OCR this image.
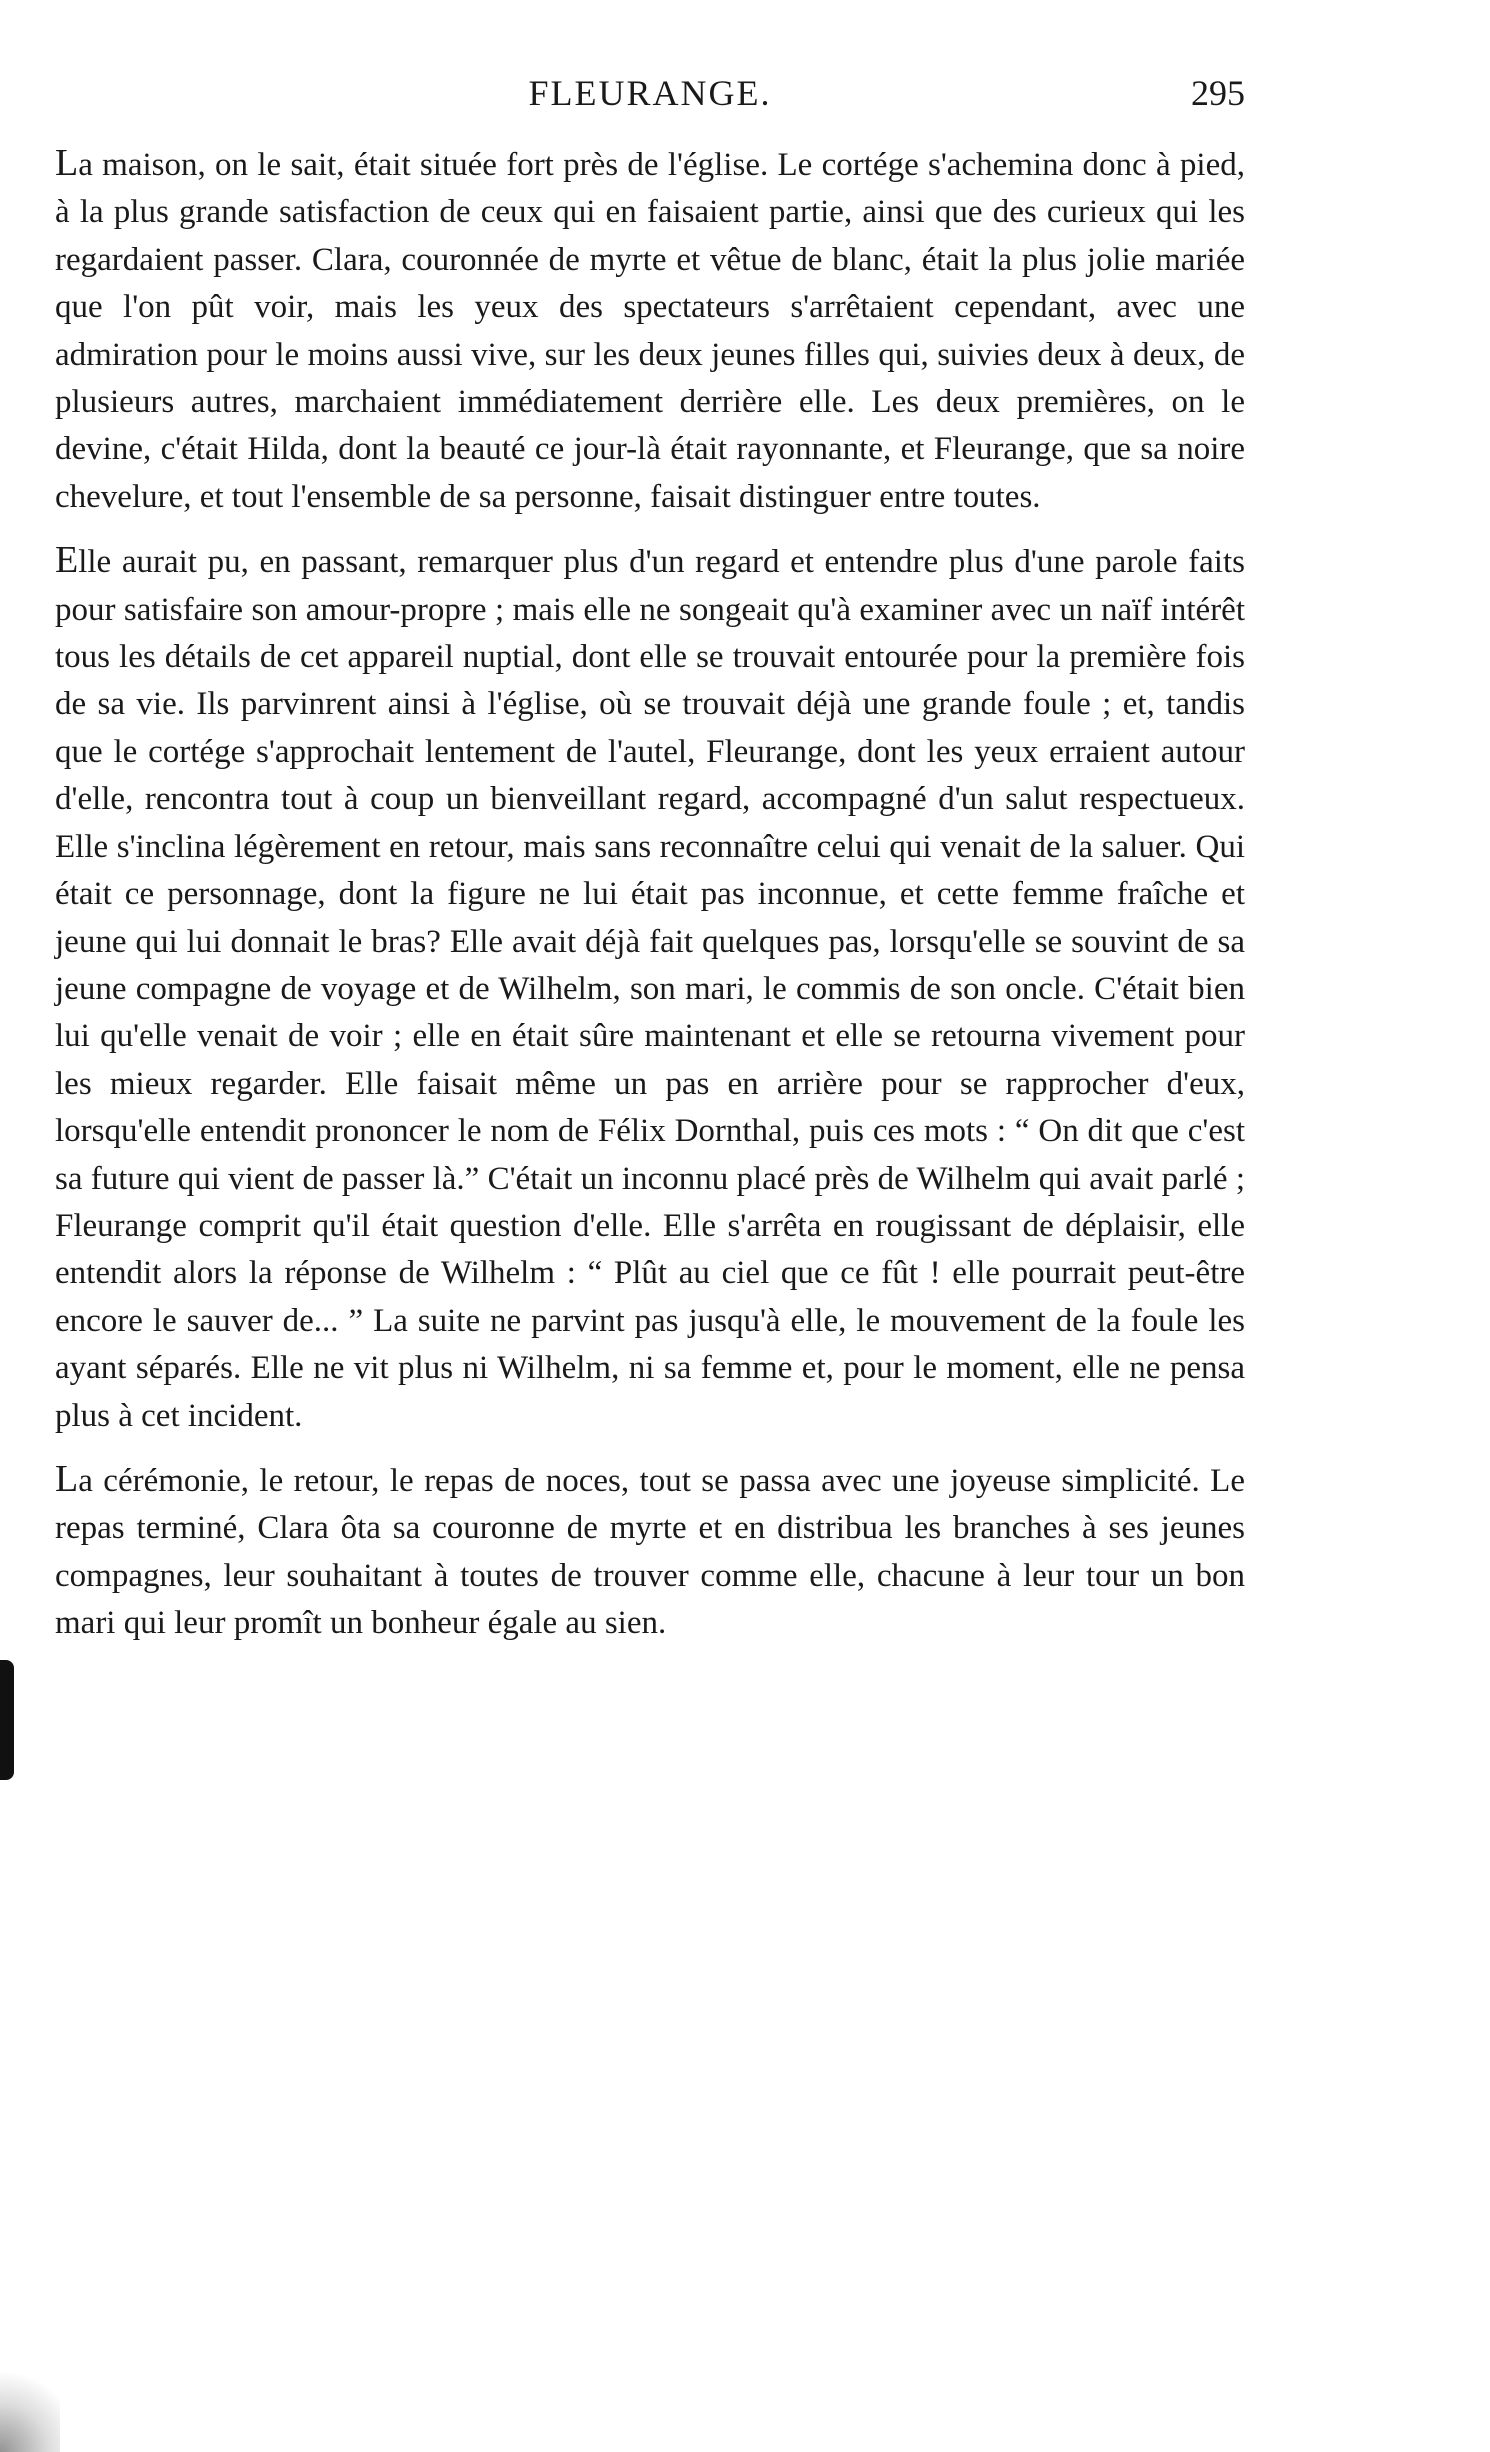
FLEURANGE.	295

La maison, on le sait, était située fort près de l'église. Le cortége s'achemina donc à pied, à la plus grande satisfaction de ceux qui en faisaient partie, ainsi que des curieux qui les regardaient passer. Clara, couronnée de myrte et vêtue de blanc, était la plus jolie mariée que l'on pût voir, mais les yeux des spectateurs s'arrêtaient cependant, avec une admiration pour le moins aussi vive, sur les deux jeunes filles qui, suivies deux à deux, de plusieurs autres, marchaient immédiatement derrière elle. Les deux premières, on le devine, c'était Hilda, dont la beauté ce jour-là était rayonnante, et Fleurange, que sa noire chevelure, et tout l'ensemble de sa personne, faisait distinguer entre toutes.

Elle aurait pu, en passant, remarquer plus d'un regard et entendre plus d'une parole faits pour satisfaire son amour-propre ; mais elle ne songeait qu'à examiner avec un naïf intérêt tous les détails de cet appareil nuptial, dont elle se trouvait entourée pour la première fois de sa vie. Ils parvinrent ainsi à l'église, où se trouvait déjà une grande foule ; et, tandis que le cortége s'approchait lentement de l'autel, Fleurange, dont les yeux erraient autour d'elle, rencontra tout à coup un bienveillant regard, accompagné d'un salut respectueux. Elle s'inclina légèrement en retour, mais sans reconnaître celui qui venait de la saluer. Qui était ce personnage, dont la figure ne lui était pas inconnue, et cette femme fraîche et jeune qui lui donnait le bras? Elle avait déjà fait quelques pas, lorsqu'elle se souvint de sa jeune compagne de voyage et de Wilhelm, son mari, le commis de son oncle. C'était bien lui qu'elle venait de voir ; elle en était sûre maintenant et elle se retourna vivement pour les mieux regarder. Elle faisait même un pas en arrière pour se rapprocher d'eux, lorsqu'elle entendit prononcer le nom de Félix Dornthal, puis ces mots : “ On dit que c'est sa future qui vient de passer là.” C'était un inconnu placé près de Wilhelm qui avait parlé ; Fleurange comprit qu'il était question d'elle. Elle s'arrêta en rougissant de déplaisir, elle entendit alors la réponse de Wilhelm : “ Plût au ciel que ce fût ! elle pourrait peut-être encore le sauver de... ” La suite ne parvint pas jusqu'à elle, le mouvement de la foule les ayant séparés. Elle ne vit plus ni Wilhelm, ni sa femme et, pour le moment, elle ne pensa plus à cet incident.

La cérémonie, le retour, le repas de noces, tout se passa avec une joyeuse simplicité. Le repas terminé, Clara ôta sa couronne de myrte et en distribua les branches à ses jeunes compagnes, leur souhaitant à toutes de trouver comme elle, chacune à leur tour un bon mari qui leur promît un bonheur égale au sien.
